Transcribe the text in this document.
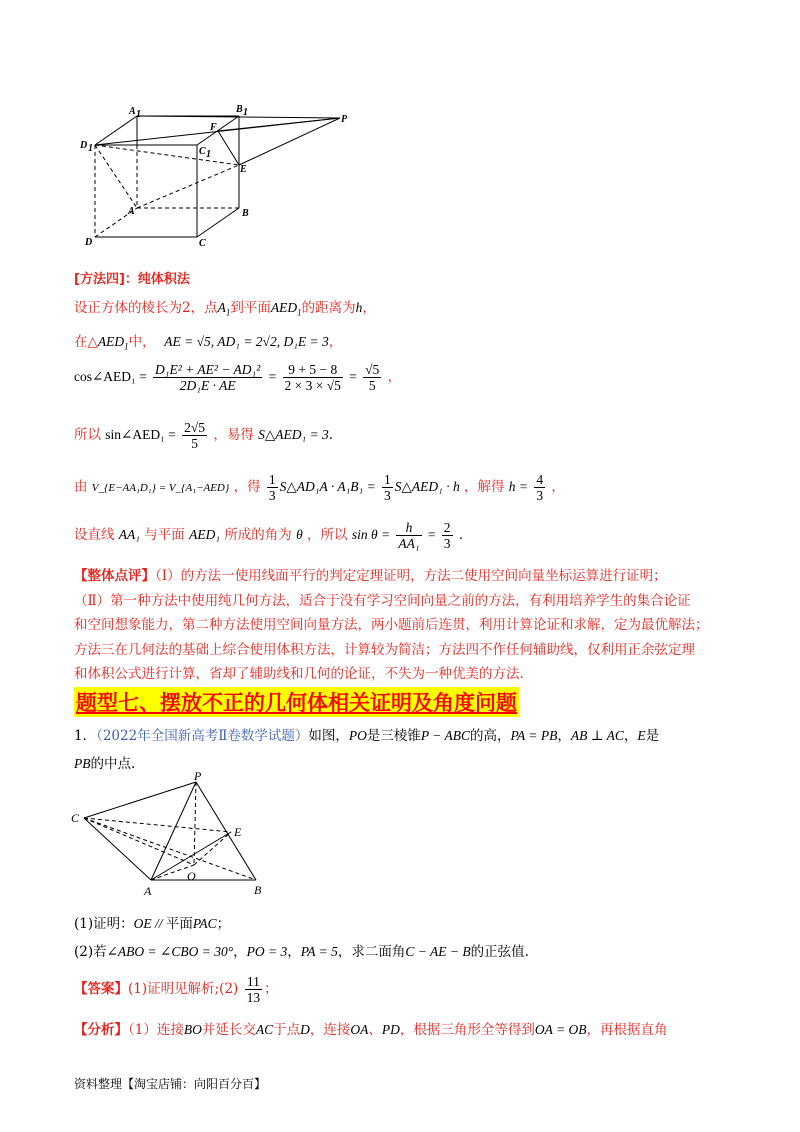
A 1	B 1
P
D 1
F
C 1
E
A	B
D	C
[方法四]：纯体积法
设正方体的棱长为2，点$A_1$到平面$AED_1$的距离为h，
在$\triangle AED_1$中， AE = √5, AD₁ = 2√2, D₁E = 3，
cos∠AED₁ = $\frac{\text{D₁E² + AE² − AD₁²}}{\text{2D₁E · AE}} = \frac{9 + 5 - 8}{2 \times 3 \times √5} = \frac{√5}{5}$ ，
所以 sin∠AED₁ = $\frac{2√5}{5}$ ，易得 S△AED₁ = 3．
由 V_{E−AA₁D₁} = V_{A₁−AED} ，得 $\frac{1}{3}$ S△AD₁A · $A_1B_1 = \frac{1}{3}$ S△AED₁ · h ，解得 $h = \frac{4}{3}$ ，
设直线 AA₁ 与平面 AED₁ 所成的角为 θ ，所以 $\sin \theta = \frac{h}{\text{AA₁}} = \frac{2}{3}$ ．
【整体点评】（Ⅰ）的方法一使用线面平行的判定定理证明，方法二使用空间向量坐标运算进行证明；
（Ⅱ）第一种方法中使用纯几何方法，适合于没有学习空间向量之前的方法，有利用培养学生的集合论证
和空间想象能力，第二种方法使用空间向量方法，两小题前后连贯，利用计算论证和求解，定为最优解法；
方法三在几何法的基础上综合使用体积方法，计算较为简洁；方法四不作任何辅助线，仅利用正余弦定理
和体积公式进行计算，省却了辅助线和几何的论证，不失为一种优美的方法.
题型七、摆放不正的几何体相关证明及角度问题
1．（2022年全国新高考Ⅱ卷数学试题）如图，PO是三棱锥P − ABC的高，PA = PB，AB ⊥ AC，E是
PB的中点.
P
C
E
O
A	B
(1)证明：OE // 平面PAC；
(2)若∠ABO = ∠CBO = 30°，PO = 3，PA = 5，求二面角C − AE − B的正弦值.
【答案】(1)证明见解析;(2) $\frac{11}{13}$ ；
【分析】（1）连接BO并延长交AC于点D，连接OA、PD，根据三角形全等得到OA = OB，再根据直角
资料整理【淘宝店铺：向阳百分百】
